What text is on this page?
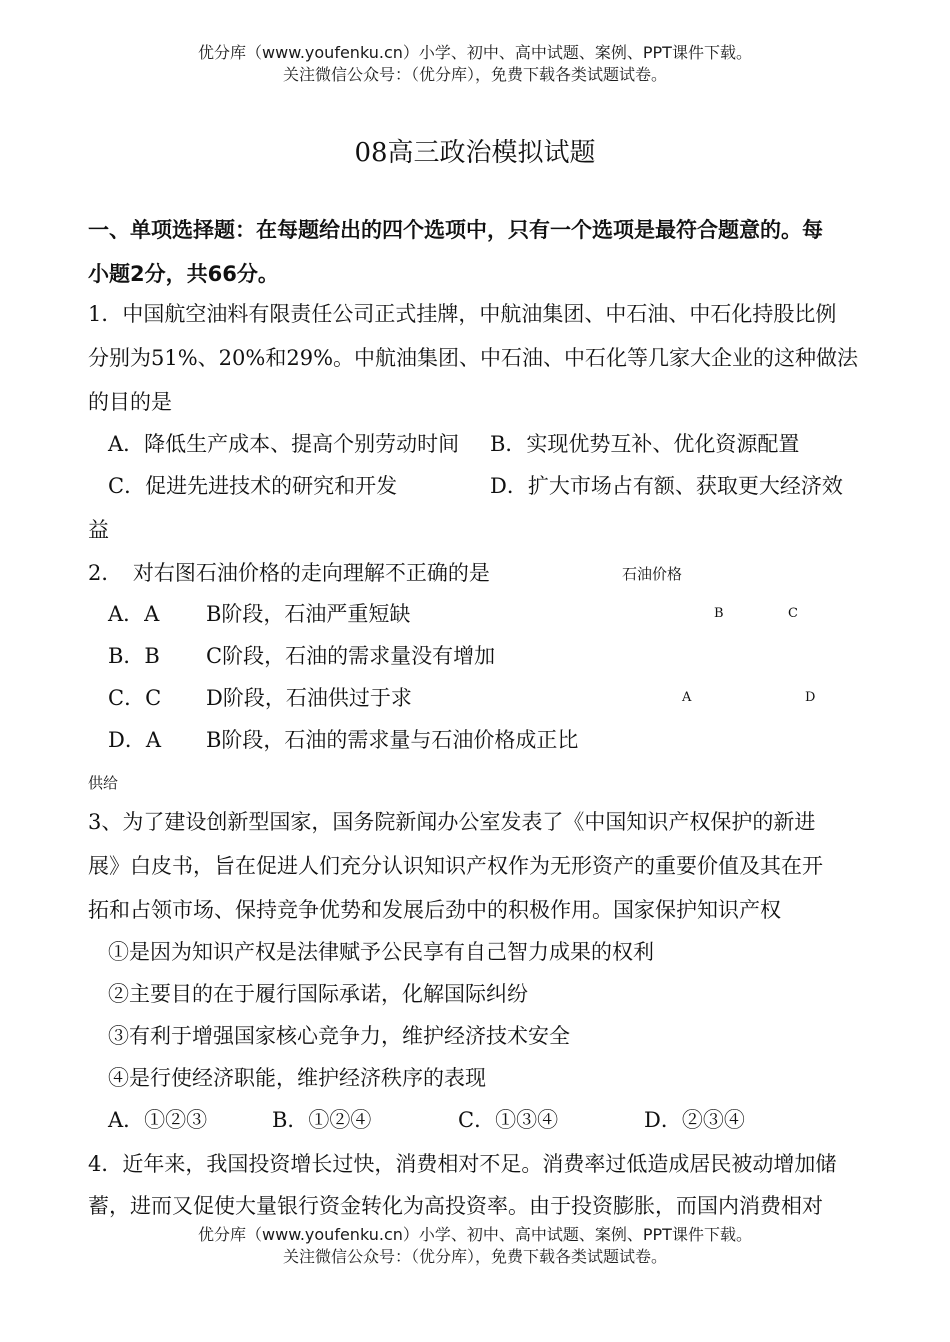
优分库（www.youfenku.cn）小学、初中、高中试题、案例、PPT课件下载。
关注微信公众号：（优分库），免费下载各类试题试卷。
08高三政治模拟试题
一、单项选择题：在每题给出的四个选项中，只有一个选项是最符合题意的。每
小题2分，共66分。
1．中国航空油料有限责任公司正式挂牌，中航油集团、中石油、中石化持股比例
分别为51%、20%和29%。中航油集团、中石油、中石化等几家大企业的这种做法
的目的是
A．降低生产成本、提高个别劳动时间 B．实现优势互补、优化资源配置
C．促进先进技术的研究和开发	D．扩大市场占有额、获取更大经济效
益
2．　对右图石油价格的走向理解不正确的是	石油价格
A．A B阶段，石油严重短缺	B	C
B．B C阶段，石油的需求量没有增加
C．C D阶段，石油供过于求	A	D
D．A B阶段，石油的需求量与石油价格成正比
供给
3、为了建设创新型国家，国务院新闻办公室发表了《中国知识产权保护的新进
展》白皮书，旨在促进人们充分认识知识产权作为无形资产的重要价值及其在开
拓和占领市场、保持竞争优势和发展后劲中的积极作用。国家保护知识产权
①是因为知识产权是法律赋予公民享有自己智力成果的权利
②主要目的在于履行国际承诺，化解国际纠纷
③有利于增强国家核心竞争力，维护经济技术安全
④是行使经济职能，维护经济秩序的表现
A．①②③	B．①②④	C．①③④	D．②③④
4．近年来，我国投资增长过快，消费相对不足。消费率过低造成居民被动增加储
蓄，进而又促使大量银行资金转化为高投资率。由于投资膨胀，而国内消费相对
优分库（www.youfenku.cn）小学、初中、高中试题、案例、PPT课件下载。
关注微信公众号：（优分库），免费下载各类试题试卷。
